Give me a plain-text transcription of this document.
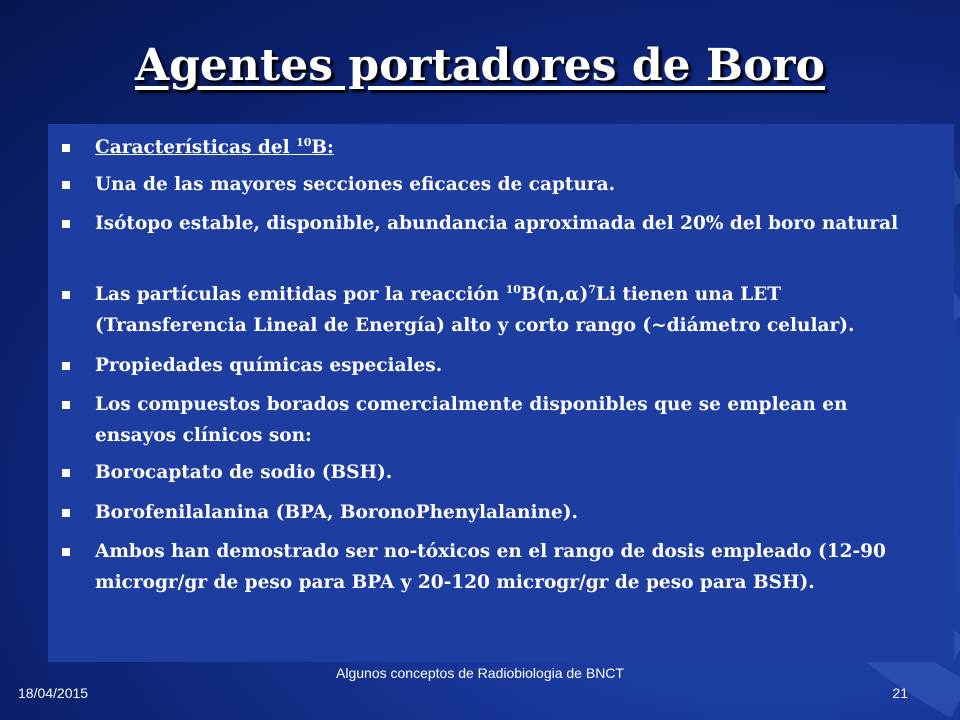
Agentes portadores de Boro
Características del $^{10}$B:
Una de las mayores secciones eficaces de captura.
Isótopo estable, disponible, abundancia aproximada del 20% del boro natural
Las partículas emitidas por la reacción $^{10}B(n,\alpha)^7Li$ tienen una LET (Transferencia Lineal de Energía) alto y corto rango (~diámetro celular).
Propiedades químicas especiales.
Los compuestos borados comercialmente disponibles que se emplean en ensayos clínicos son:
Borocaptato de sodio (BSH).
Borofenilalanina (BPA, BoronoPhenylalanine).
Ambos han demostrado ser no-tóxicos en el rango de dosis empleado (12-90 microgr/gr de peso para BPA y 20-120 microgr/gr de peso para BSH).
18/04/2015
Algunos conceptos de Radiobiologia de BNCT
21
